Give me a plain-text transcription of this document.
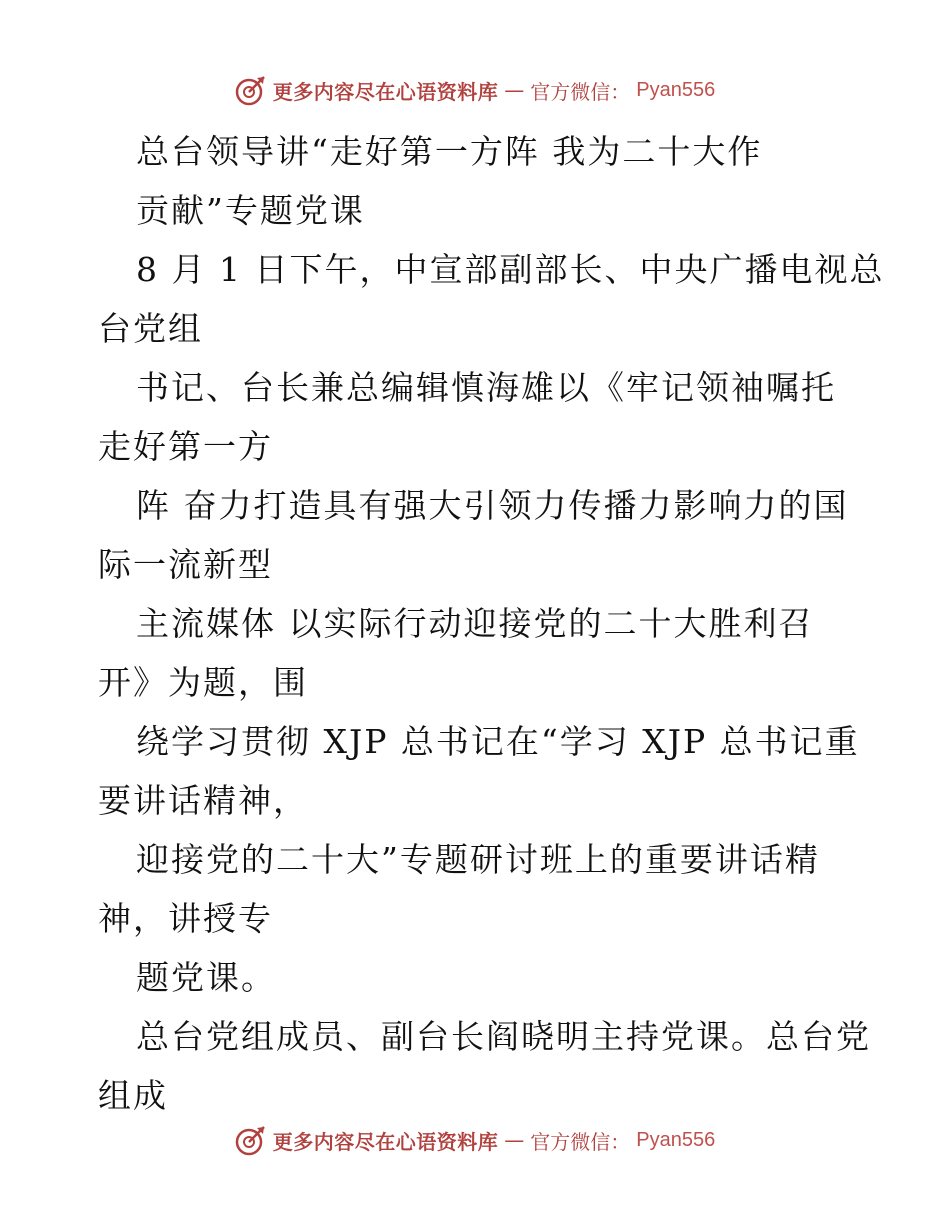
更多内容尽在心语资料库 — 官方微信： Pyan556
总台领导讲“走好第一方阵 我为二十大作
贡献”专题党课
8 月 1 日下午，中宣部副部长、中央广播电视总
台党组
书记、台长兼总编辑慎海雄以《牢记领袖嘱托
走好第一方
阵 奋力打造具有强大引领力传播力影响力的国
际一流新型
主流媒体 以实际行动迎接党的二十大胜利召
开》为题，围
绕学习贯彻 XJP 总书记在“学习 XJP 总书记重
要讲话精神，
迎接党的二十大”专题研讨班上的重要讲话精
神，讲授专
题党课。
总台党组成员、副台长阎晓明主持党课。总台党
组成
更多内容尽在心语资料库 — 官方微信： Pyan556
